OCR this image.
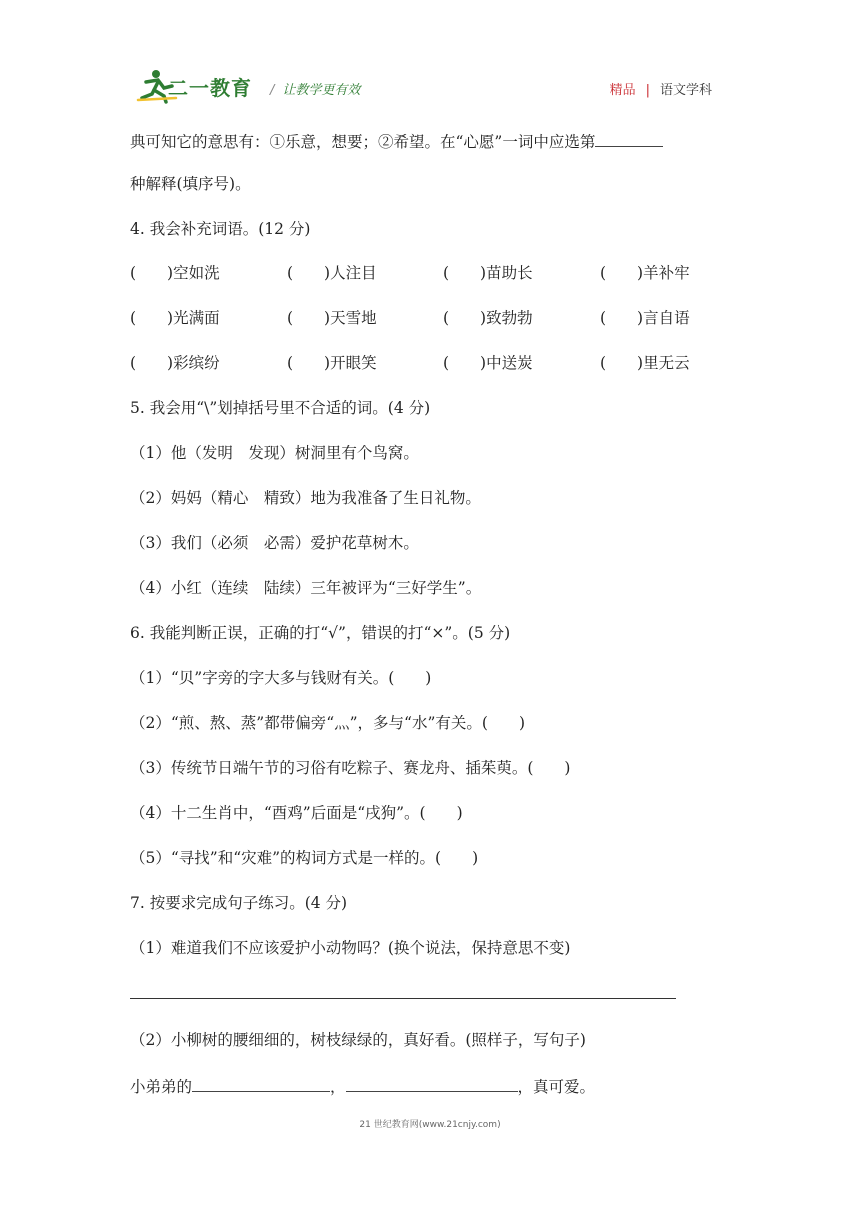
二一教育 / 让教学更有效	精品 | 语文学科
典可知它的意思有：①乐意，想要；②希望。在“心愿”一词中应选第
种解释(填序号)。
4. 我会补充词语。(12 分)
(　　)空如洗	(　　)人注目	(　　)苗助长	(　　)羊补牢
(　　)光满面	(　　)天雪地	(　　)致勃勃	(　　)言自语
(　　)彩缤纷	(　　)开眼笑	(　　)中送炭	(　　)里无云
5. 我会用“\”划掉括号里不合适的词。(4 分)
（1）他（发明　发现）树洞里有个鸟窝。
（2）妈妈（精心　精致）地为我准备了生日礼物。
（3）我们（必须　必需）爱护花草树木。
（4）小红（连续　陆续）三年被评为“三好学生”。
6. 我能判断正误，正确的打“√”，错误的打“×”。(5 分)
（1）“贝”字旁的字大多与钱财有关。(　　)
（2）“煎、熬、蒸”都带偏旁“灬”，多与“水”有关。(　　)
（3）传统节日端午节的习俗有吃粽子、赛龙舟、插茱萸。(　　)
（4）十二生肖中，“酉鸡”后面是“戌狗”。(　　)
（5）“寻找”和“灾难”的构词方式是一样的。(　　)
7. 按要求完成句子练习。(4 分)
（1）难道我们不应该爱护小动物吗？(换个说法，保持意思不变)
（2）小柳树的腰细细的，树枝绿绿的，真好看。(照样子，写句子)
小弟弟的	，	，真可爱。
21 世纪教育网(www.21cnjy.com)
